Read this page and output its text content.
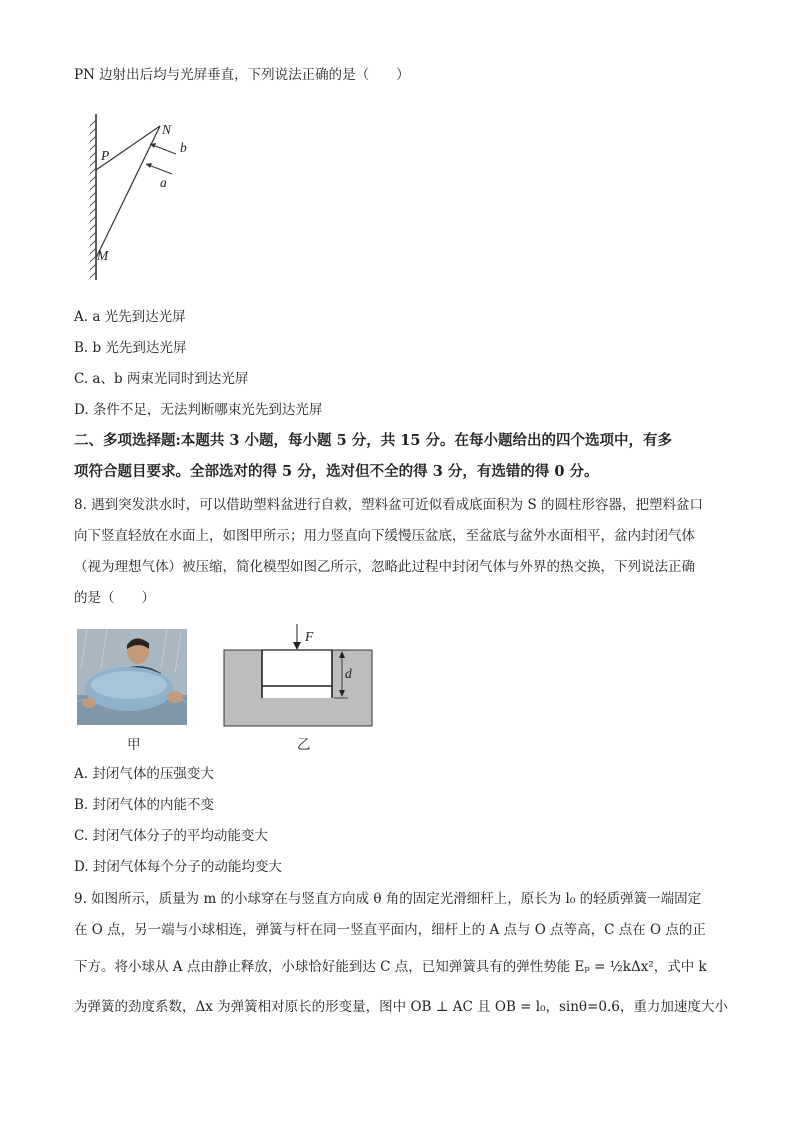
PN 边射出后均与光屏垂直，下列说法正确的是（　　）
N
P
b
a
M
A. a 光先到达光屏
B. b 光先到达光屏
C. a、b 两束光同时到达光屏
D. 条件不足，无法判断哪束光先到达光屏
二、多项选择题:本题共 3 小题，每小题 5 分，共 15 分。在每小题给出的四个选项中，有多
项符合题目要求。全部选对的得 5 分，选对但不全的得 3 分，有选错的得 0 分。
8. 遇到突发洪水时，可以借助塑料盆进行自救，塑料盆可近似看成底面积为 S 的圆柱形容器，把塑料盆口
向下竖直轻放在水面上，如图甲所示；用力竖直向下缓慢压盆底，至盆底与盆外水面相平，盆内封闭气体
（视为理想气体）被压缩，简化模型如图乙所示，忽略此过程中封闭气体与外界的热交换，下列说法正确
的是（　　）
甲
F
d
乙
A. 封闭气体的压强变大
B. 封闭气体的内能不变
C. 封闭气体分子的平均动能变大
D. 封闭气体每个分子的动能均变大
9. 如图所示，质量为 m 的小球穿在与竖直方向成 θ 角的固定光滑细杆上，原长为 l₀ 的轻质弹簧一端固定
在 O 点，另一端与小球相连，弹簧与杆在同一竖直平面内，细杆上的 A 点与 O 点等高，C 点在 O 点的正
下方。将小球从 A 点由静止释放，小球恰好能到达 C 点，已知弹簧具有的弹性势能 Eₚ = ½kΔx²，式中 k
为弹簧的劲度系数，Δx 为弹簧相对原长的形变量，图中 OB ⊥ AC 且 OB = l₀，sinθ=0.6，重力加速度大小
